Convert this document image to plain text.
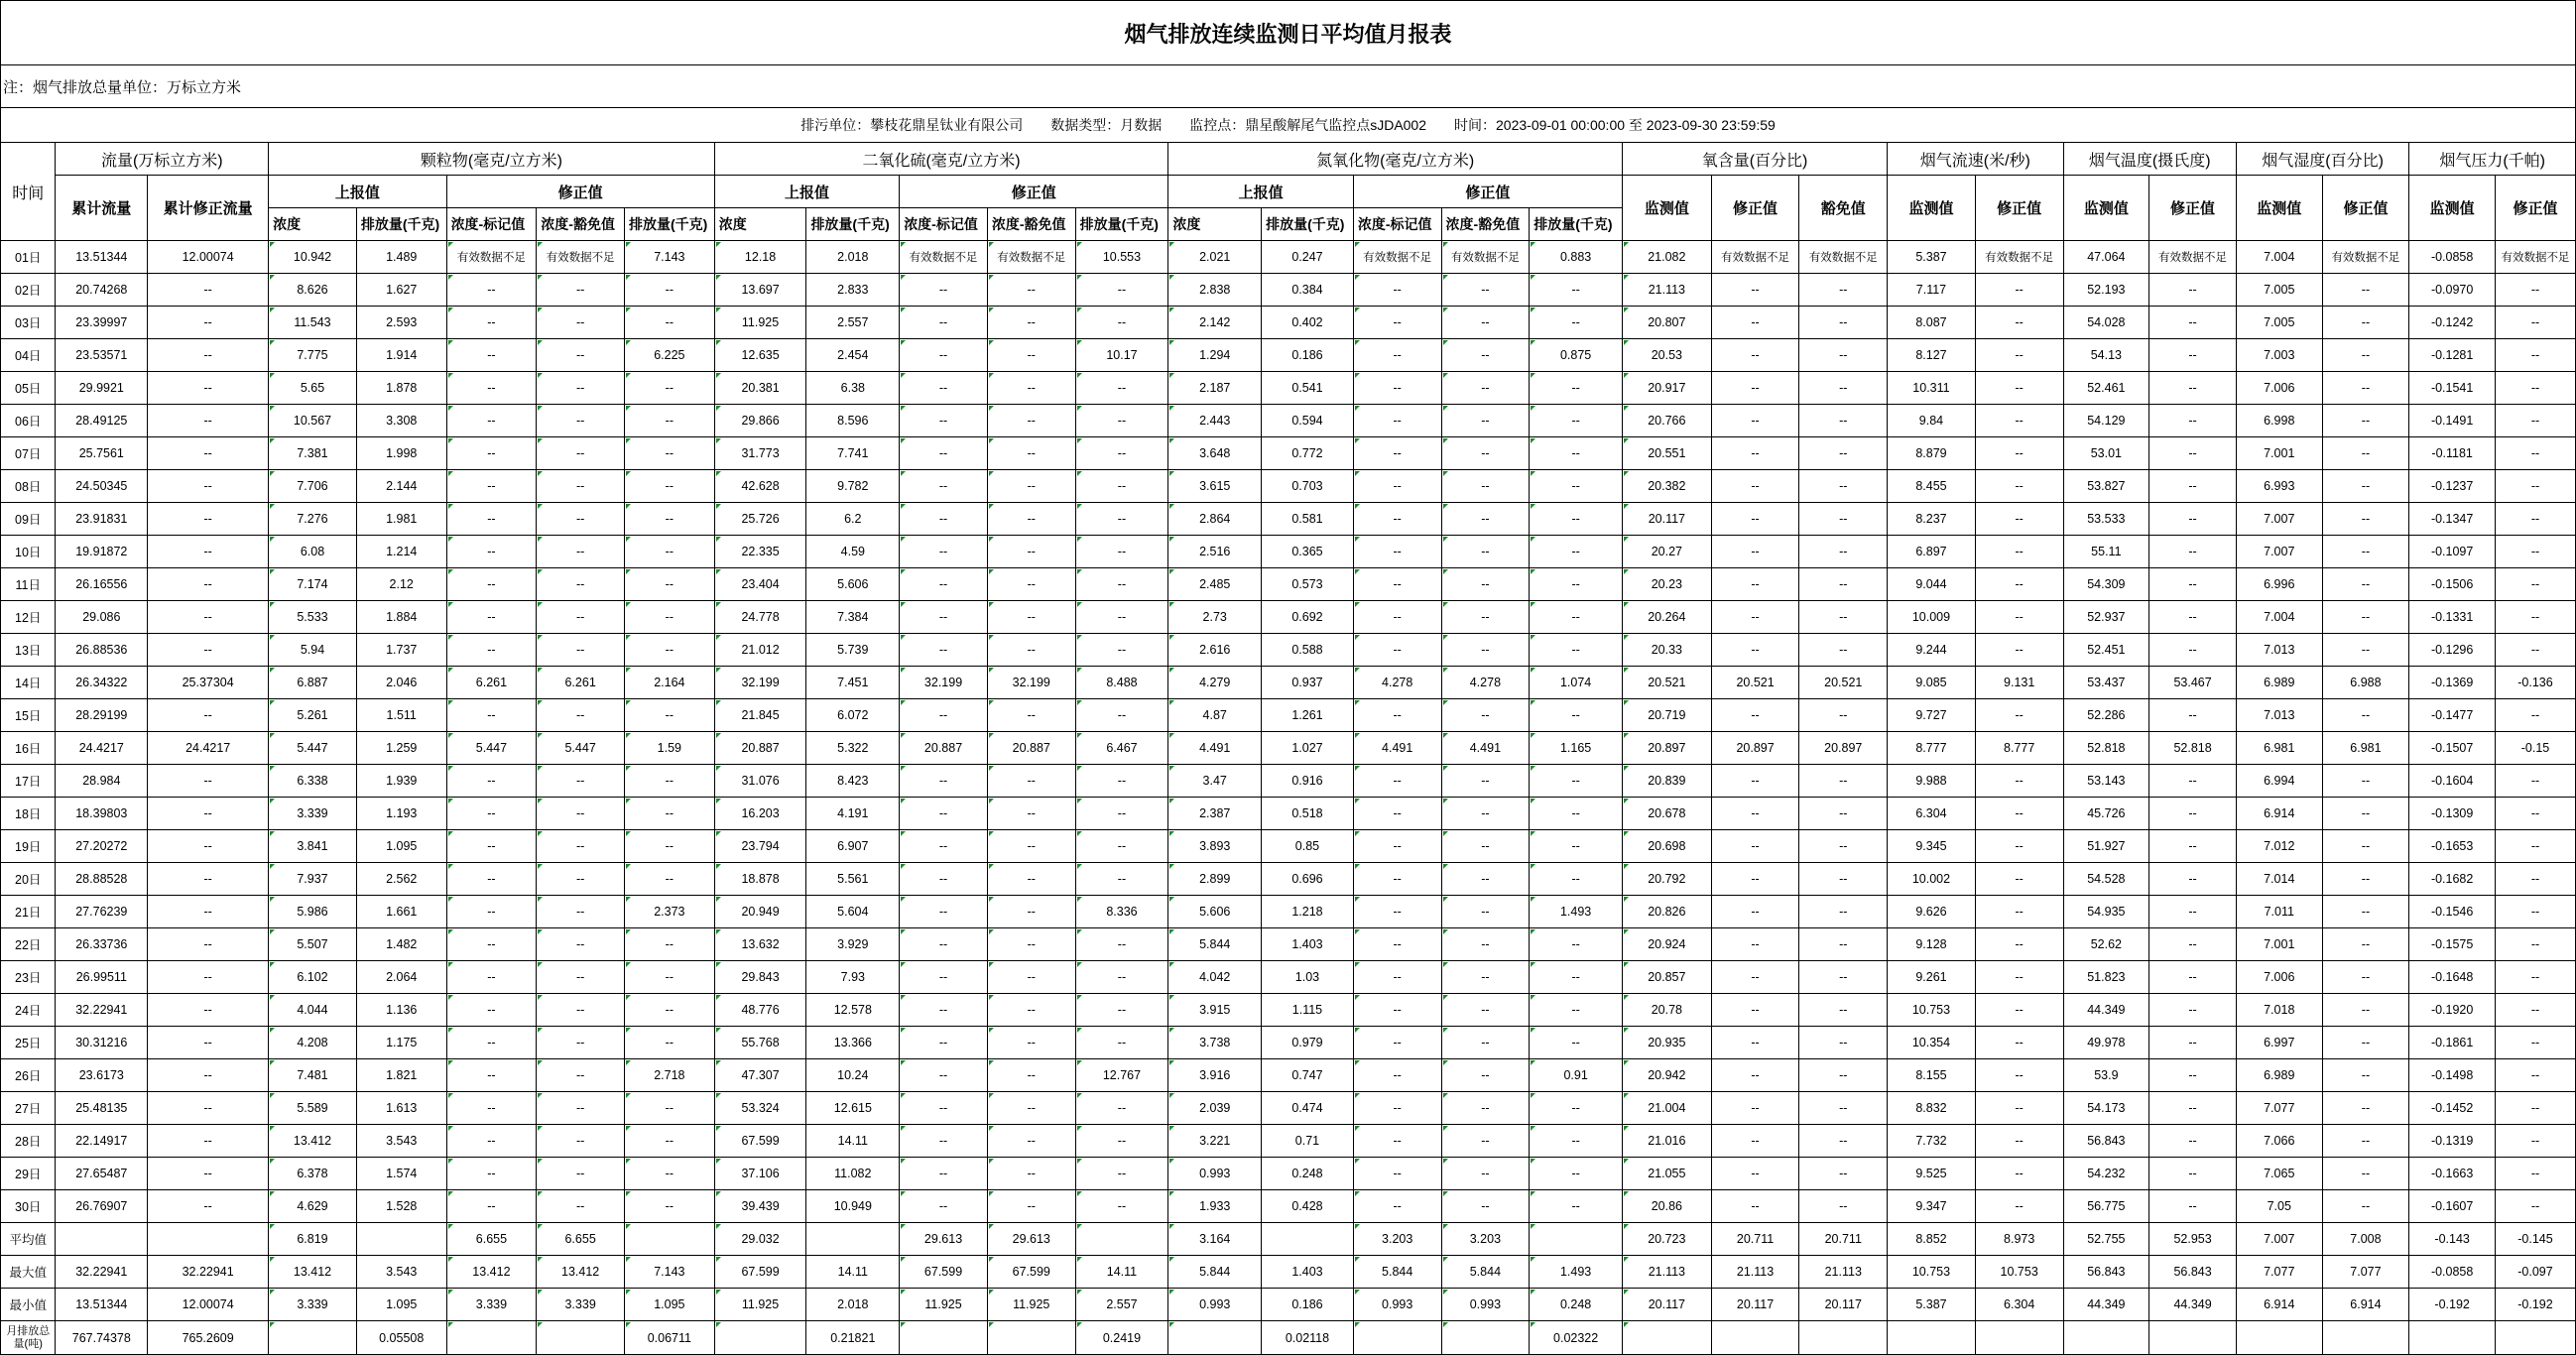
烟气排放连续监测日平均值月报表																												
注：烟气排放总量单位：万标立方米																												
排污单位：攀枝花鼎星钛业有限公司 数据类型：月数据 监控点：鼎星酸解尾气监控点sJDA002 时间：2023-09-01 00:00:00 至 2023-09-30 23:59:59																												
时间	流量(万标立方米)		颗粒物(毫克/立方米)					二氧化硫(毫克/立方米)					氮氧化物(毫克/立方米)					氧含量(百分比)			烟气流速(米/秒)		烟气温度(摄氏度)		烟气湿度(百分比)		烟气压力(千帕)	
	累计流量	累计修正流量	上报值		修正值			上报值		修正值			上报值		修正值			监测值	修正值	豁免值	监测值	修正值	监测值	修正值	监测值	修正值	监测值	修正值
			浓度	排放量(千克)	浓度-标记值	浓度-豁免值	排放量(千克)	浓度	排放量(千克)	浓度-标记值	浓度-豁免值	排放量(千克)	浓度	排放量(千克)	浓度-标记值	浓度-豁免值	排放量(千克)											
01日	13.51344	12.00074	10.942	1.489	有效数据不足	有效数据不足	7.143	12.18	2.018	有效数据不足	有效数据不足	10.553	2.021	0.247	有效数据不足	有效数据不足	0.883	21.082	有效数据不足	有效数据不足	5.387	有效数据不足	47.064	有效数据不足	7.004	有效数据不足	-0.0858	有效数据不足
02日	20.74268	--	8.626	1.627	--	--	--	13.697	2.833	--	--	--	2.838	0.384	--	--	--	21.113	--	--	7.117	--	52.193	--	7.005	--	-0.0970	--
03日	23.39997	--	11.543	2.593	--	--	--	11.925	2.557	--	--	--	2.142	0.402	--	--	--	20.807	--	--	8.087	--	54.028	--	7.005	--	-0.1242	--
04日	23.53571	--	7.775	1.914	--	--	6.225	12.635	2.454	--	--	10.17	1.294	0.186	--	--	0.875	20.53	--	--	8.127	--	54.13	--	7.003	--	-0.1281	--
05日	29.9921	--	5.65	1.878	--	--	--	20.381	6.38	--	--	--	2.187	0.541	--	--	--	20.917	--	--	10.311	--	52.461	--	7.006	--	-0.1541	--
06日	28.49125	--	10.567	3.308	--	--	--	29.866	8.596	--	--	--	2.443	0.594	--	--	--	20.766	--	--	9.84	--	54.129	--	6.998	--	-0.1491	--
07日	25.7561	--	7.381	1.998	--	--	--	31.773	7.741	--	--	--	3.648	0.772	--	--	--	20.551	--	--	8.879	--	53.01	--	7.001	--	-0.1181	--
08日	24.50345	--	7.706	2.144	--	--	--	42.628	9.782	--	--	--	3.615	0.703	--	--	--	20.382	--	--	8.455	--	53.827	--	6.993	--	-0.1237	--
09日	23.91831	--	7.276	1.981	--	--	--	25.726	6.2	--	--	--	2.864	0.581	--	--	--	20.117	--	--	8.237	--	53.533	--	7.007	--	-0.1347	--
10日	19.91872	--	6.08	1.214	--	--	--	22.335	4.59	--	--	--	2.516	0.365	--	--	--	20.27	--	--	6.897	--	55.11	--	7.007	--	-0.1097	--
11日	26.16556	--	7.174	2.12	--	--	--	23.404	5.606	--	--	--	2.485	0.573	--	--	--	20.23	--	--	9.044	--	54.309	--	6.996	--	-0.1506	--
12日	29.086	--	5.533	1.884	--	--	--	24.778	7.384	--	--	--	2.73	0.692	--	--	--	20.264	--	--	10.009	--	52.937	--	7.004	--	-0.1331	--
13日	26.88536	--	5.94	1.737	--	--	--	21.012	5.739	--	--	--	2.616	0.588	--	--	--	20.33	--	--	9.244	--	52.451	--	7.013	--	-0.1296	--
14日	26.34322	25.37304	6.887	2.046	6.261	6.261	2.164	32.199	7.451	32.199	32.199	8.488	4.279	0.937	4.278	4.278	1.074	20.521	20.521	20.521	9.085	9.131	53.437	53.467	6.989	6.988	-0.1369	-0.136
15日	28.29199	--	5.261	1.511	--	--	--	21.845	6.072	--	--	--	4.87	1.261	--	--	--	20.719	--	--	9.727	--	52.286	--	7.013	--	-0.1477	--
16日	24.4217	24.4217	5.447	1.259	5.447	5.447	1.59	20.887	5.322	20.887	20.887	6.467	4.491	1.027	4.491	4.491	1.165	20.897	20.897	20.897	8.777	8.777	52.818	52.818	6.981	6.981	-0.1507	-0.15
17日	28.984	--	6.338	1.939	--	--	--	31.076	8.423	--	--	--	3.47	0.916	--	--	--	20.839	--	--	9.988	--	53.143	--	6.994	--	-0.1604	--
18日	18.39803	--	3.339	1.193	--	--	--	16.203	4.191	--	--	--	2.387	0.518	--	--	--	20.678	--	--	6.304	--	45.726	--	6.914	--	-0.1309	--
19日	27.20272	--	3.841	1.095	--	--	--	23.794	6.907	--	--	--	3.893	0.85	--	--	--	20.698	--	--	9.345	--	51.927	--	7.012	--	-0.1653	--
20日	28.88528	--	7.937	2.562	--	--	--	18.878	5.561	--	--	--	2.899	0.696	--	--	--	20.792	--	--	10.002	--	54.528	--	7.014	--	-0.1682	--
21日	27.76239	--	5.986	1.661	--	--	2.373	20.949	5.604	--	--	8.336	5.606	1.218	--	--	1.493	20.826	--	--	9.626	--	54.935	--	7.011	--	-0.1546	--
22日	26.33736	--	5.507	1.482	--	--	--	13.632	3.929	--	--	--	5.844	1.403	--	--	--	20.924	--	--	9.128	--	52.62	--	7.001	--	-0.1575	--
23日	26.99511	--	6.102	2.064	--	--	--	29.843	7.93	--	--	--	4.042	1.03	--	--	--	20.857	--	--	9.261	--	51.823	--	7.006	--	-0.1648	--
24日	32.22941	--	4.044	1.136	--	--	--	48.776	12.578	--	--	--	3.915	1.115	--	--	--	20.78	--	--	10.753	--	44.349	--	7.018	--	-0.1920	--
25日	30.31216	--	4.208	1.175	--	--	--	55.768	13.366	--	--	--	3.738	0.979	--	--	--	20.935	--	--	10.354	--	49.978	--	6.997	--	-0.1861	--
26日	23.6173	--	7.481	1.821	--	--	2.718	47.307	10.24	--	--	12.767	3.916	0.747	--	--	0.91	20.942	--	--	8.155	--	53.9	--	6.989	--	-0.1498	--
27日	25.48135	--	5.589	1.613	--	--	--	53.324	12.615	--	--	--	2.039	0.474	--	--	--	21.004	--	--	8.832	--	54.173	--	7.077	--	-0.1452	--
28日	22.14917	--	13.412	3.543	--	--	--	67.599	14.11	--	--	--	3.221	0.71	--	--	--	21.016	--	--	7.732	--	56.843	--	7.066	--	-0.1319	--
29日	27.65487	--	6.378	1.574	--	--	--	37.106	11.082	--	--	--	0.993	0.248	--	--	--	21.055	--	--	9.525	--	54.232	--	7.065	--	-0.1663	--
30日	26.76907	--	4.629	1.528	--	--	--	39.439	10.949	--	--	--	1.933	0.428	--	--	--	20.86	--	--	9.347	--	56.775	--	7.05	--	-0.1607	--
平均值			6.819		6.655	6.655		29.032		29.613	29.613		3.164		3.203	3.203		20.723	20.711	20.711	8.852	8.973	52.755	52.953	7.007	7.008	-0.143	-0.145
最大值	32.22941	32.22941	13.412	3.543	13.412	13.412	7.143	67.599	14.11	67.599	67.599	14.11	5.844	1.403	5.844	5.844	1.493	21.113	21.113	21.113	10.753	10.753	56.843	56.843	7.077	7.077	-0.0858	-0.097
最小值	13.51344	12.00074	3.339	1.095	3.339	3.339	1.095	11.925	2.018	11.925	11.925	2.557	0.993	0.186	0.993	0.993	0.248	20.117	20.117	20.117	5.387	6.304	44.349	44.349	6.914	6.914	-0.192	-0.192
月排放总量(吨)	767.74378	765.2609		0.05508			0.06711		0.21821			0.2419		0.02118			0.02322											
